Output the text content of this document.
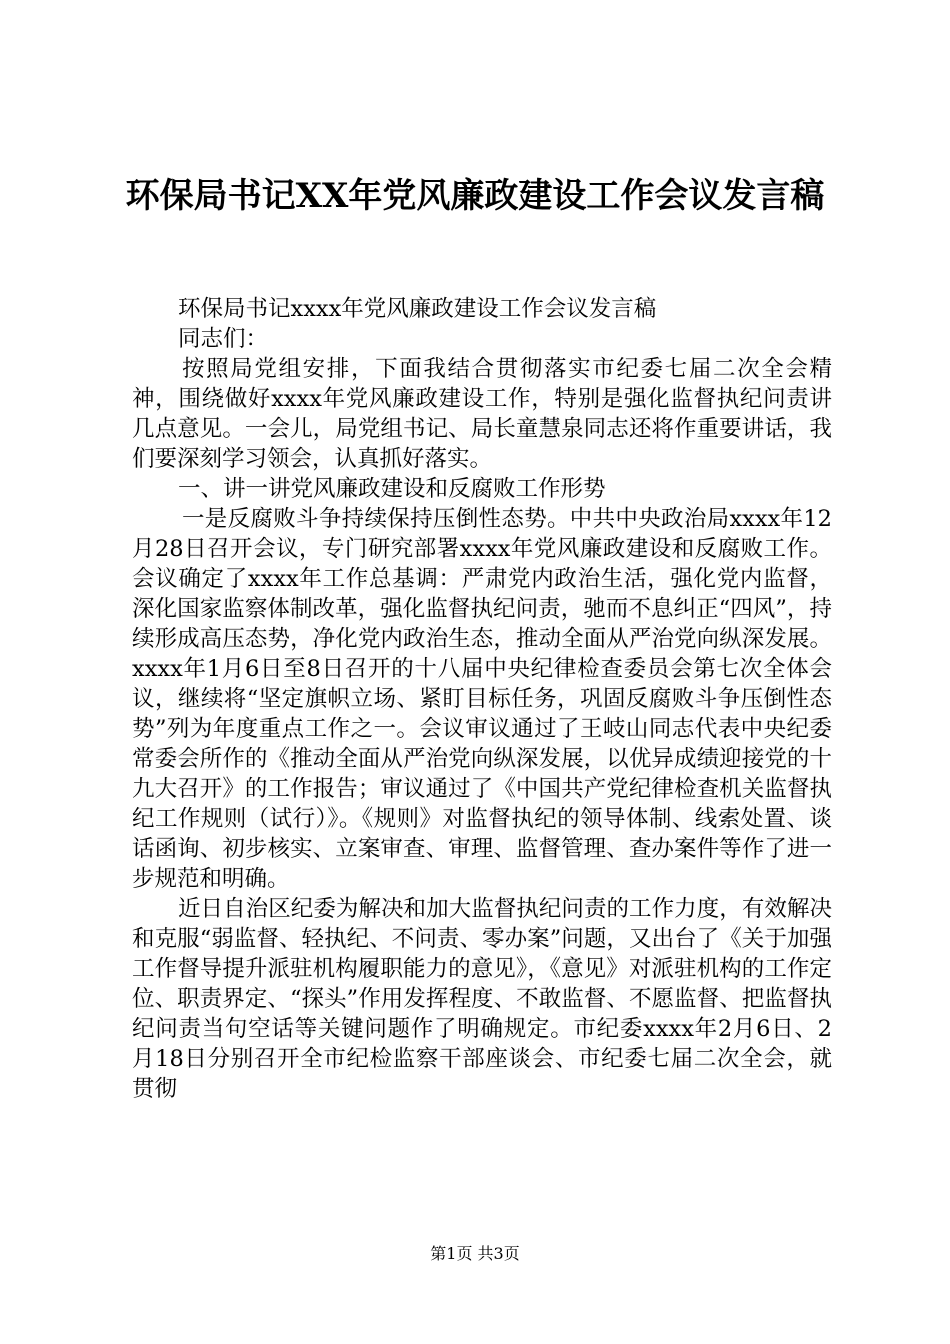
环保局书记XX年党风廉政建设工作会议发言稿

环保局书记xxxx年党风廉政建设工作会议发言稿

同志们：

按照局党组安排，下面我结合贯彻落实市纪委七届二次全会精神，围绕做好xxxx年党风廉政建设工作，特别是强化监督执纪问责讲几点意见。一会儿，局党组书记、局长童慧泉同志还将作重要讲话，我们要深刻学习领会，认真抓好落实。

一、讲一讲党风廉政建设和反腐败工作形势

一是反腐败斗争持续保持压倒性态势。中共中央政治局xxxx年12月28日召开会议，专门研究部署xxxx年党风廉政建设和反腐败工作。会议确定了xxxx年工作总基调：严肃党内政治生活，强化党内监督，深化国家监察体制改革，强化监督执纪问责，驰而不息纠正“四风”，持续形成高压态势，净化党内政治生态，推动全面从严治党向纵深发展。xxxx年1月6日至8日召开的十八届中央纪律检查委员会第七次全体会议，继续将“坚定旗帜立场、紧盯目标任务，巩固反腐败斗争压倒性态势”列为年度重点工作之一。会议审议通过了王岐山同志代表中央纪委常委会所作的《推动全面从严治党向纵深发展，以优异成绩迎接党的十九大召开》的工作报告；审议通过了《中国共产党纪律检查机关监督执纪工作规则（试行）》。《规则》对监督执纪的领导体制、线索处置、谈话函询、初步核实、立案审查、审理、监督管理、查办案件等作了进一步规范和明确。

近日自治区纪委为解决和加大监督执纪问责的工作力度，有效解决和克服“弱监督、轻执纪、不问责、零办案”问题，又出台了《关于加强工作督导提升派驻机构履职能力的意见》，《意见》对派驻机构的工作定位、职责界定、“探头”作用发挥程度、不敢监督、不愿监督、把监督执纪问责当句空话等关键问题作了明确规定。市纪委xxxx年2月6日、2月18日分别召开全市纪检监察干部座谈会、市纪委七届二次全会，就贯彻

第1页 共3页
